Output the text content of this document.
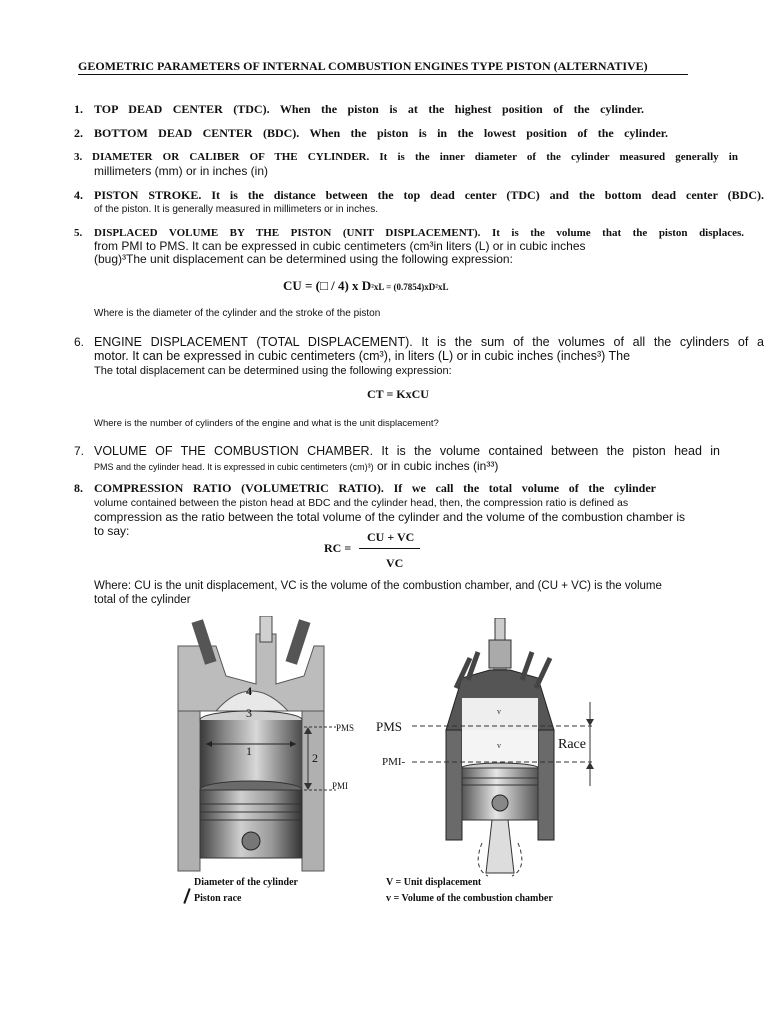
GEOMETRIC PARAMETERS OF INTERNAL COMBUSTION ENGINES TYPE PISTON (ALTERNATIVE)
1. TOP DEAD CENTER (TDC). When the piston is at the highest position of the cylinder.
2. BOTTOM DEAD CENTER (BDC). When the piston is in the lowest position of the cylinder.
3. DIAMETER OR CALIBER OF THE CYLINDER. It is the inner diameter of the cylinder measured generally in
millimeters (mm) or in inches (in)
4. PISTON STROKE. It is the distance between the top dead center (TDC) and the bottom dead center (BDC).
of the piston. It is generally measured in millimeters or in inches.
5.	DISPLACED VOLUME BY THE PISTON (UNIT DISPLACEMENT). It is the volume that the piston displaces.
from PMI to PMS. It can be expressed in cubic centimeters (cm³in liters (L) or in cubic inches
(bug)³The unit displacement can be determined using the following expression:
CU = (□ / 4) x D²xL = (0.7854)xD²xL
Where is the diameter of the cylinder and the stroke of the piston
6. ENGINE DISPLACEMENT (TOTAL DISPLACEMENT). It is the sum of the volumes of all the cylinders of a
motor. It can be expressed in cubic centimeters (cm³), in liters (L) or in cubic inches (inches³) The
The total displacement can be determined using the following expression:
CT = KxCU
Where is the number of cylinders of the engine and what is the unit displacement?
7. VOLUME OF THE COMBUSTION CHAMBER. It is the volume contained between the piston head in
PMS and the cylinder head. It is expressed in cubic centimeters (cm)³) or in cubic inches (in³³)
8. COMPRESSION RATIO (VOLUMETRIC RATIO). If we call the total volume of the cylinder
volume contained between the piston head at BDC and the cylinder head, then, the compression ratio is defined as
compression as the ratio between the total volume of the cylinder and the volume of the combustion chamber is
to say:
RC =
CU + VC
VC
Where: CU is the unit displacement, VC is the volume of the combustion chamber, and (CU + VC) is the volume
total of the cylinder
4
3
1	2
PMS
PMI
Diameter of the cylinder
Piston race
PMS
PMI-
Race
v
v
V = Unit displacement
v = Volume of the combustion chamber
